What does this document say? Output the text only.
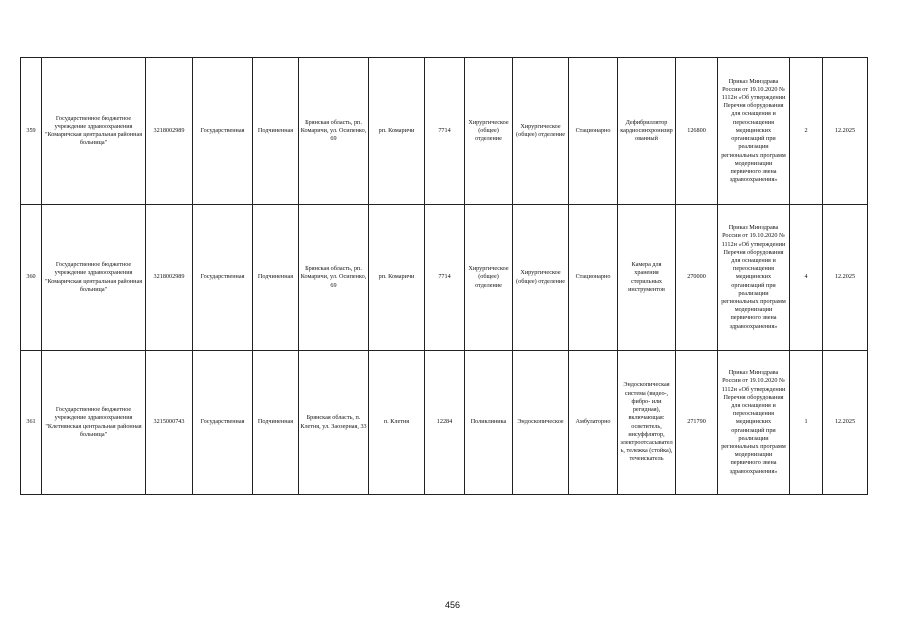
359	Государственное бюджетное учреждение здравоохранения "Комаричская центральная районная больница"	3218002989	Государственная	Подчиненная	Брянская область, рп. Комаричи, ул. Осипенко, 69	рп. Комаричи	7714	Хирургическое (общее) отделение	Хирургическое (общее) отделение	Стационарно	Дефибриллятор кардиосинхронизированный	126800	Приказ Минздрава России от 19.10.2020 № 1112н «Об утверждении Перечня оборудования для оснащения и переоснащения медицинских организаций при реализации региональных программ модернизации первичного звена здравоохранения»	2	12.2025
360	Государственное бюджетное учреждение здравоохранения "Комаричская центральная районная больница"	3218002989	Государственная	Подчиненная	Брянская область, рп. Комаричи, ул. Осипенко, 69	рп. Комаричи	7714	Хирургическое (общее) отделение	Хирургическое (общее) отделение	Стационарно	Камера для хранения стерильных инструментов	270000	Приказ Минздрава России от 19.10.2020 № 1112н «Об утверждении Перечня оборудования для оснащения и переоснащения медицинских организаций при реализации региональных программ модернизации первичного звена здравоохранения»	4	12.2025
361	Государственное бюджетное учреждение здравоохранения "Клетнянская центральная районная больница"	3215000743	Государственная	Подчиненная	Брянская область, п. Клетня, ул. Заозерная, 33	п. Клетня	12284	Поликлиника	Эндоскопическое	Амбулаторно	Эндоскопическая система (видео-, фибро- или регидная), включающая: осветитель, инсуффлятор, электроотсасыватель, тележка (стойка), течеискатель	271790	Приказ Минздрава России от 19.10.2020 № 1112н «Об утверждении Перечня оборудования для оснащения и переоснащения медицинских организаций при реализации региональных программ модернизации первичного звена здравоохранения»	1	12.2025
456
